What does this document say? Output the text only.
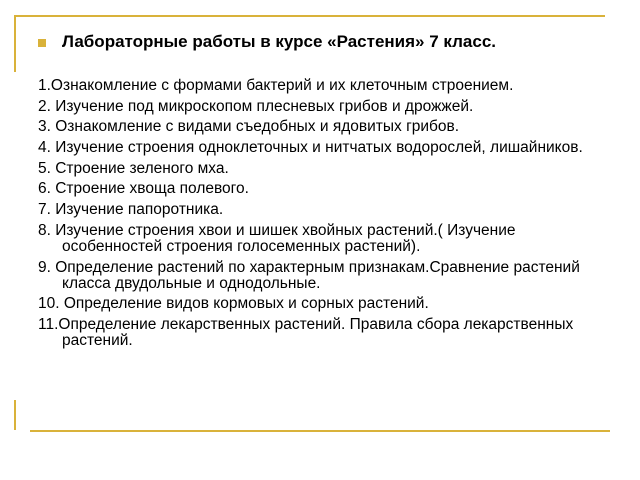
Лабораторные работы в курсе «Растения» 7 класс.
1.Ознакомление с формами бактерий и их клеточным строением.
2. Изучение под микроскопом плесневых грибов и дрожжей.
3. Ознакомление с видами съедобных и ядовитых грибов.
4. Изучение строения одноклеточных и нитчатых водорослей, лишайников.
5. Строение зеленого мха.
6. Строение хвоща полевого.
7. Изучение папоротника.
8. Изучение строения хвои и шишек хвойных растений.( Изучение особенностей строения голосеменных растений).
9. Определение растений по характерным признакам.Сравнение растений класса двудольные и однодольные.
10. Определение видов кормовых и сорных растений.
11.Определение лекарственных растений. Правила сбора лекарственных растений.
